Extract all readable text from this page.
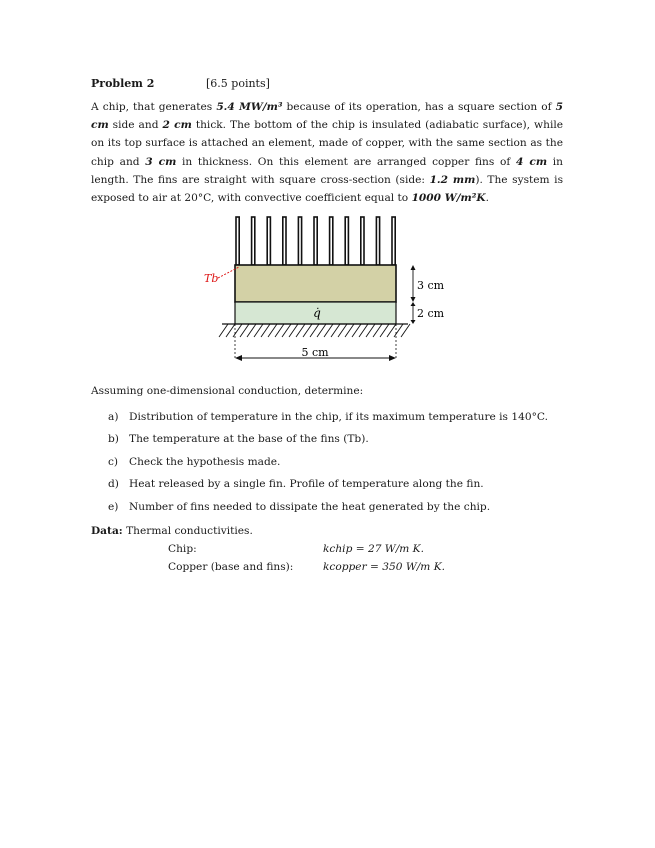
Problem 2	[6.5 points]
A chip, that generates 5.4 MW/m³ because of its operation, has a square section of 5 cm side and 2 cm thick. The bottom of the chip is insulated (adiabatic surface), while on its top surface is attached an element, made of copper, with the same section as the chip and 3 cm in thickness. On this element are arranged copper fins of 4 cm in length. The fins are straight with square cross-section (side: 1.2 mm). The system is exposed to air at 20°C, with convective coefficient equal to 1000 W/m²K.
5 cm
3 cm
2 cm
q̇
Tb
Assuming one-dimensional conduction, determine:
a) Distribution of temperature in the chip, if its maximum temperature is 140°C.
b) The temperature at the base of the fins (Tb).
c) Check the hypothesis made.
d) Heat released by a single fin. Profile of temperature along the fin.
e) Number of fins needed to dissipate the heat generated by the chip.
Data: Thermal conductivities.
Chip:	kchip = 27 W/m K.
Copper (base and fins):	kcopper = 350 W/m K.
